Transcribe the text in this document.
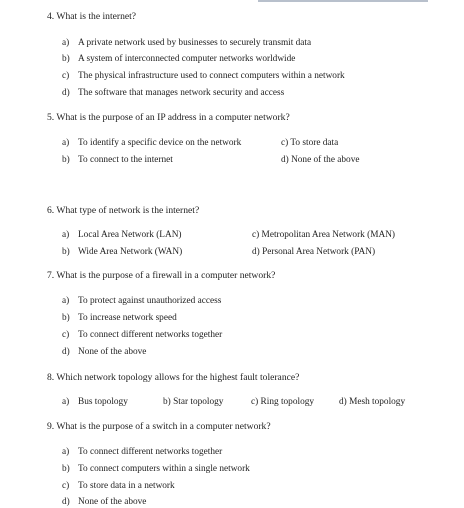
4. What is the internet?
a) A private network used by businesses to securely transmit data
b) A system of interconnected computer networks worldwide
c) The physical infrastructure used to connect computers within a network
d) The software that manages network security and access
5. What is the purpose of an IP address in a computer network?
a) To identify a specific device on the network
b) To connect to the internet
c) To store data
d) None of the above
6. What type of network is the internet?
a) Local Area Network (LAN)
b) Wide Area Network (WAN)
c) Metropolitan Area Network (MAN)
d) Personal Area Network (PAN)
7. What is the purpose of a firewall in a computer network?
a) To protect against unauthorized access
b) To increase network speed
c) To connect different networks together
d) None of the above
8. Which network topology allows for the highest fault tolerance?
a) Bus topology	b) Star topology	c) Ring topology	d) Mesh topology
9. What is the purpose of a switch in a computer network?
a) To connect different networks together
b) To connect computers within a single network
c) To store data in a network
d) None of the above
